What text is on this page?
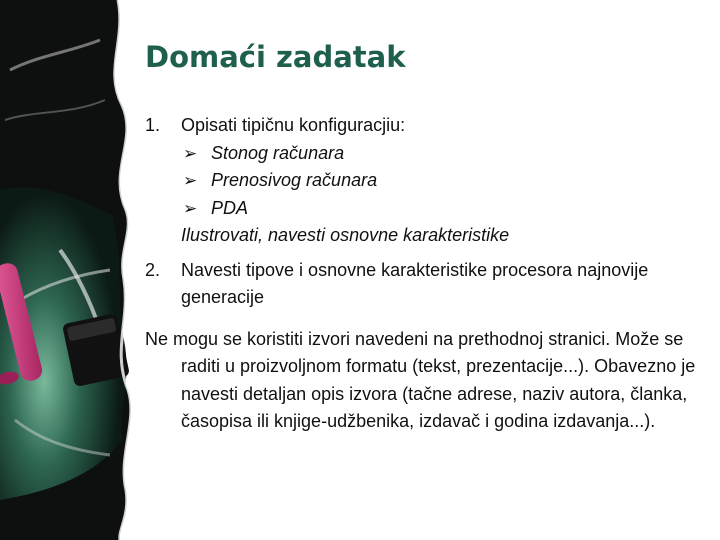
Domaći zadatak
1. Opisati tipičnu konfiguracjiu:
➢ Stonog računara
➢ Prenosivog računara
➢ PDA
Ilustrovati, navesti osnovne karakteristike
2. Navesti tipove i osnovne karakteristike procesora najnovije generacije

Ne mogu se koristiti izvori navedeni na prethodnoj stranici. Može se raditi u proizvoljnom formatu (tekst, prezentacije...). Obavezno je navesti detaljan opis izvora (tačne adrese, naziv autora, članka, časopisa ili knjige-udžbenika, izdavač i godina izdavanja...).
